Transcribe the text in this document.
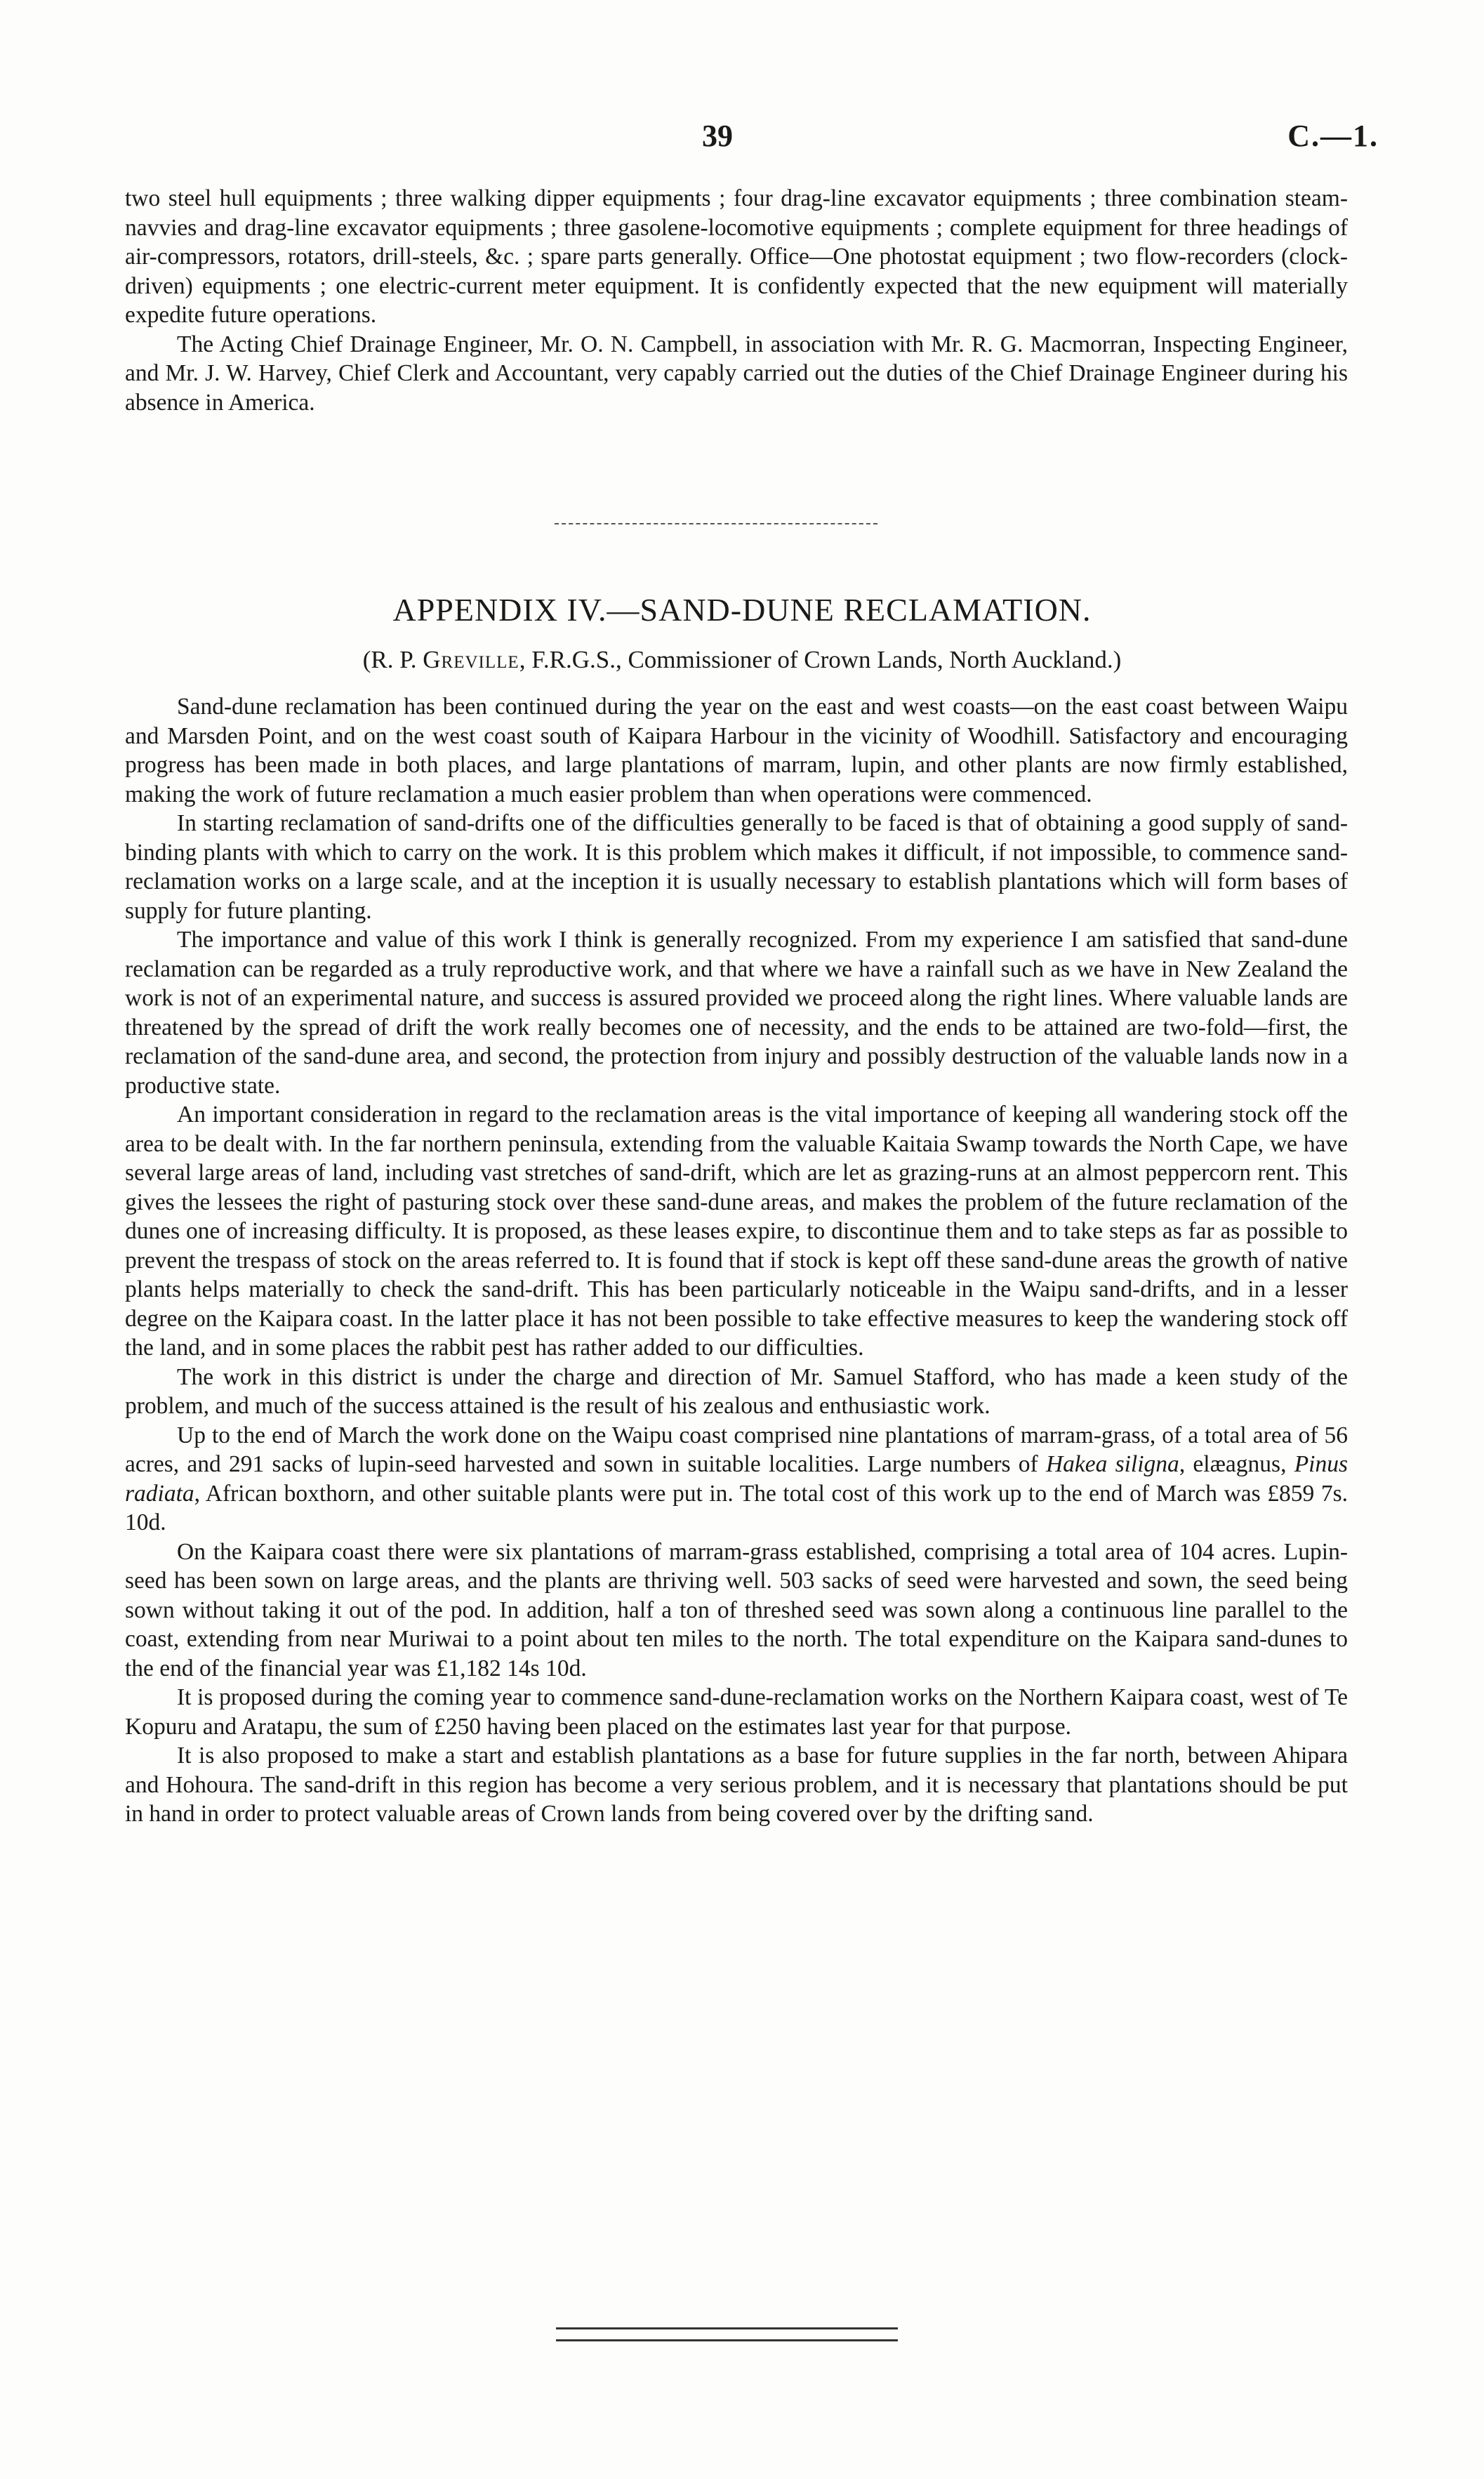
39	C.—1.

two steel hull equipments ; three walking dipper equipments ; four drag-line excavator equipments ; three combination steam-navvies and drag-line excavator equipments ; three gasolene-locomotive equipments ; complete equipment for three headings of air-compressors, rotators, drill-steels, &c. ; spare parts generally. Office—One photostat equipment ; two flow-recorders (clock-driven) equipments ; one electric-current meter equipment. It is confidently expected that the new equipment will materially expedite future operations.

The Acting Chief Drainage Engineer, Mr. O. N. Campbell, in association with Mr. R. G. Macmorran, Inspecting Engineer, and Mr. J. W. Harvey, Chief Clerk and Accountant, very capably carried out the duties of the Chief Drainage Engineer during his absence in America.

APPENDIX IV.—SAND-DUNE RECLAMATION.
(R. P. Greville, F.R.G.S., Commissioner of Crown Lands, North Auckland.)

Sand-dune reclamation has been continued during the year on the east and west coasts—on the east coast between Waipu and Marsden Point, and on the west coast south of Kaipara Harbour in the vicinity of Woodhill. Satisfactory and encouraging progress has been made in both places, and large plantations of marram, lupin, and other plants are now firmly established, making the work of future reclamation a much easier problem than when operations were commenced.

In starting reclamation of sand-drifts one of the difficulties generally to be faced is that of obtaining a good supply of sand-binding plants with which to carry on the work. It is this problem which makes it difficult, if not impossible, to commence sand-reclamation works on a large scale, and at the inception it is usually necessary to establish plantations which will form bases of supply for future planting.

The importance and value of this work I think is generally recognized. From my experience I am satisfied that sand-dune reclamation can be regarded as a truly reproductive work, and that where we have a rainfall such as we have in New Zealand the work is not of an experimental nature, and success is assured provided we proceed along the right lines. Where valuable lands are threatened by the spread of drift the work really becomes one of necessity, and the ends to be attained are two-fold—first, the reclamation of the sand-dune area, and second, the protection from injury and possibly destruction of the valuable lands now in a productive state.

An important consideration in regard to the reclamation areas is the vital importance of keeping all wandering stock off the area to be dealt with. In the far northern peninsula, extending from the valuable Kaitaia Swamp towards the North Cape, we have several large areas of land, including vast stretches of sand-drift, which are let as grazing-runs at an almost peppercorn rent. This gives the lessees the right of pasturing stock over these sand-dune areas, and makes the problem of the future reclamation of the dunes one of increasing difficulty. It is proposed, as these leases expire, to discontinue them and to take steps as far as possible to prevent the trespass of stock on the areas referred to. It is found that if stock is kept off these sand-dune areas the growth of native plants helps materially to check the sand-drift. This has been particularly noticeable in the Waipu sand-drifts, and in a lesser degree on the Kaipara coast. In the latter place it has not been possible to take effective measures to keep the wandering stock off the land, and in some places the rabbit pest has rather added to our difficulties.

The work in this district is under the charge and direction of Mr. Samuel Stafford, who has made a keen study of the problem, and much of the success attained is the result of his zealous and enthusiastic work.

Up to the end of March the work done on the Waipu coast comprised nine plantations of marram-grass, of a total area of 56 acres, and 291 sacks of lupin-seed harvested and sown in suitable localities. Large numbers of Hakea siligna, elæagnus, Pinus radiata, African boxthorn, and other suitable plants were put in. The total cost of this work up to the end of March was £859 7s. 10d.

On the Kaipara coast there were six plantations of marram-grass established, comprising a total area of 104 acres. Lupin-seed has been sown on large areas, and the plants are thriving well. 503 sacks of seed were harvested and sown, the seed being sown without taking it out of the pod. In addition, half a ton of threshed seed was sown along a continuous line parallel to the coast, extending from near Muriwai to a point about ten miles to the north. The total expenditure on the Kaipara sand-dunes to the end of the financial year was £1,182 14s 10d.

It is proposed during the coming year to commence sand-dune-reclamation works on the Northern Kaipara coast, west of Te Kopuru and Aratapu, the sum of £250 having been placed on the estimates last year for that purpose.

It is also proposed to make a start and establish plantations as a base for future supplies in the far north, between Ahipara and Hohoura. The sand-drift in this region has become a very serious problem, and it is necessary that plantations should be put in hand in order to protect valuable areas of Crown lands from being covered over by the drifting sand.
